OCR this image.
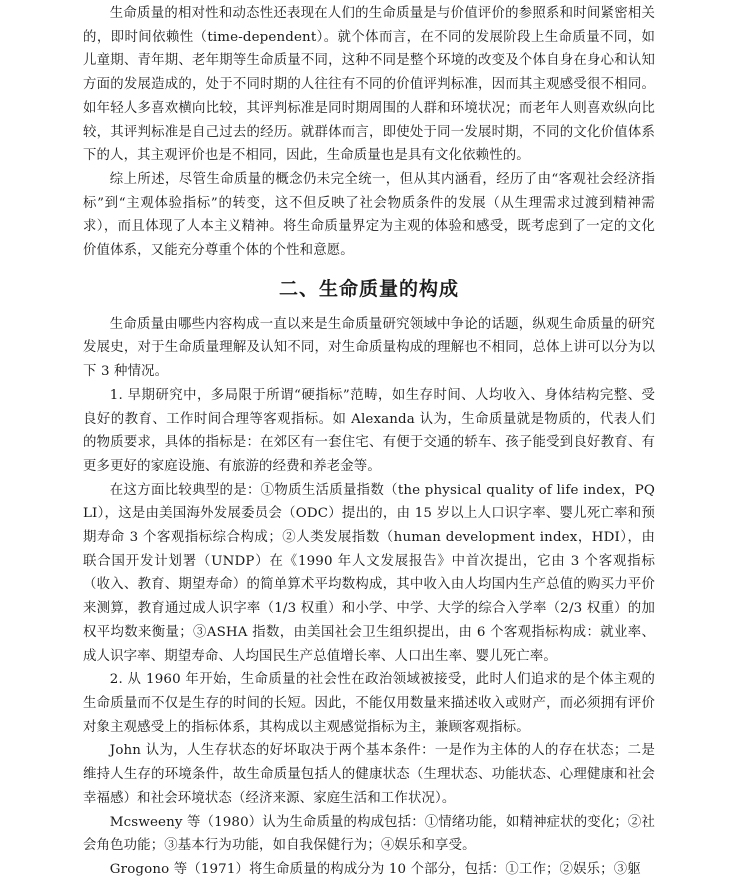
生命质量的相对性和动态性还表现在人们的生命质量是与价值评价的参照系和时间紧密相关的，即时间依赖性（time-dependent）。就个体而言，在不同的发展阶段上生命质量不同，如儿童期、青年期、老年期等生命质量不同，这种不同是整个环境的改变及个体自身在身心和认知方面的发展造成的，处于不同时期的人往往有不同的价值评判标准，因而其主观感受很不相同。如年轻人多喜欢横向比较，其评判标准是同时期周围的人群和环境状况；而老年人则喜欢纵向比较，其评判标准是自己过去的经历。就群体而言，即使处于同一发展时期，不同的文化价值体系下的人，其主观评价也是不相同，因此，生命质量也是具有文化依赖性的。

综上所述，尽管生命质量的概念仍未完全统一，但从其内涵看，经历了由“客观社会经济指标”到“主观体验指标”的转变，这不但反映了社会物质条件的发展（从生理需求过渡到精神需求），而且体现了人本主义精神。将生命质量界定为主观的体验和感受，既考虑到了一定的文化价值体系，又能充分尊重个体的个性和意愿。

二、生命质量的构成

生命质量由哪些内容构成一直以来是生命质量研究领域中争论的话题，纵观生命质量的研究发展史，对于生命质量理解及认知不同，对生命质量构成的理解也不相同，总体上讲可以分为以下 3 种情况。

1. 早期研究中，多局限于所谓“硬指标”范畴，如生存时间、人均收入、身体结构完整、受良好的教育、工作时间合理等客观指标。如 Alexanda 认为，生命质量就是物质的，代表人们的物质要求，具体的指标是：在郊区有一套住宅、有便于交通的轿车、孩子能受到良好教育、有更多更好的家庭设施、有旅游的经费和养老金等。

在这方面比较典型的是：①物质生活质量指数（the physical quality of life index，PQLI），这是由美国海外发展委员会（ODC）提出的，由 15 岁以上人口识字率、婴儿死亡率和预期寿命 3 个客观指标综合构成；②人类发展指数（human development index，HDI），由联合国开发计划署（UNDP）在《1990 年人文发展报告》中首次提出，它由 3 个客观指标（收入、教育、期望寿命）的简单算术平均数构成，其中收入由人均国内生产总值的购买力平价来测算，教育通过成人识字率（1/3 权重）和小学、中学、大学的综合入学率（2/3 权重）的加权平均数来衡量；③ASHA 指数，由美国社会卫生组织提出，由 6 个客观指标构成：就业率、成人识字率、期望寿命、人均国民生产总值增长率、人口出生率、婴儿死亡率。

2. 从 1960 年开始，生命质量的社会性在政治领域被接受，此时人们追求的是个体主观的生命质量而不仅是生存的时间的长短。因此，不能仅用数量来描述收入或财产，而必须拥有评价对象主观感受上的指标体系，其构成以主观感觉指标为主，兼顾客观指标。

John 认为，人生存状态的好坏取决于两个基本条件：一是作为主体的人的存在状态；二是维持人生存的环境条件，故生命质量包括人的健康状态（生理状态、功能状态、心理健康和社会幸福感）和社会环境状态（经济来源、家庭生活和工作状况）。

Mcsweeny 等（1980）认为生命质量的构成包括：①情绪功能，如精神症状的变化；②社会角色功能；③基本行为功能，如自我保健行为；④娱乐和享受。

Grogono 等（1971）将生命质量的构成分为 10 个部分，包括：①工作；②娱乐；③躯
